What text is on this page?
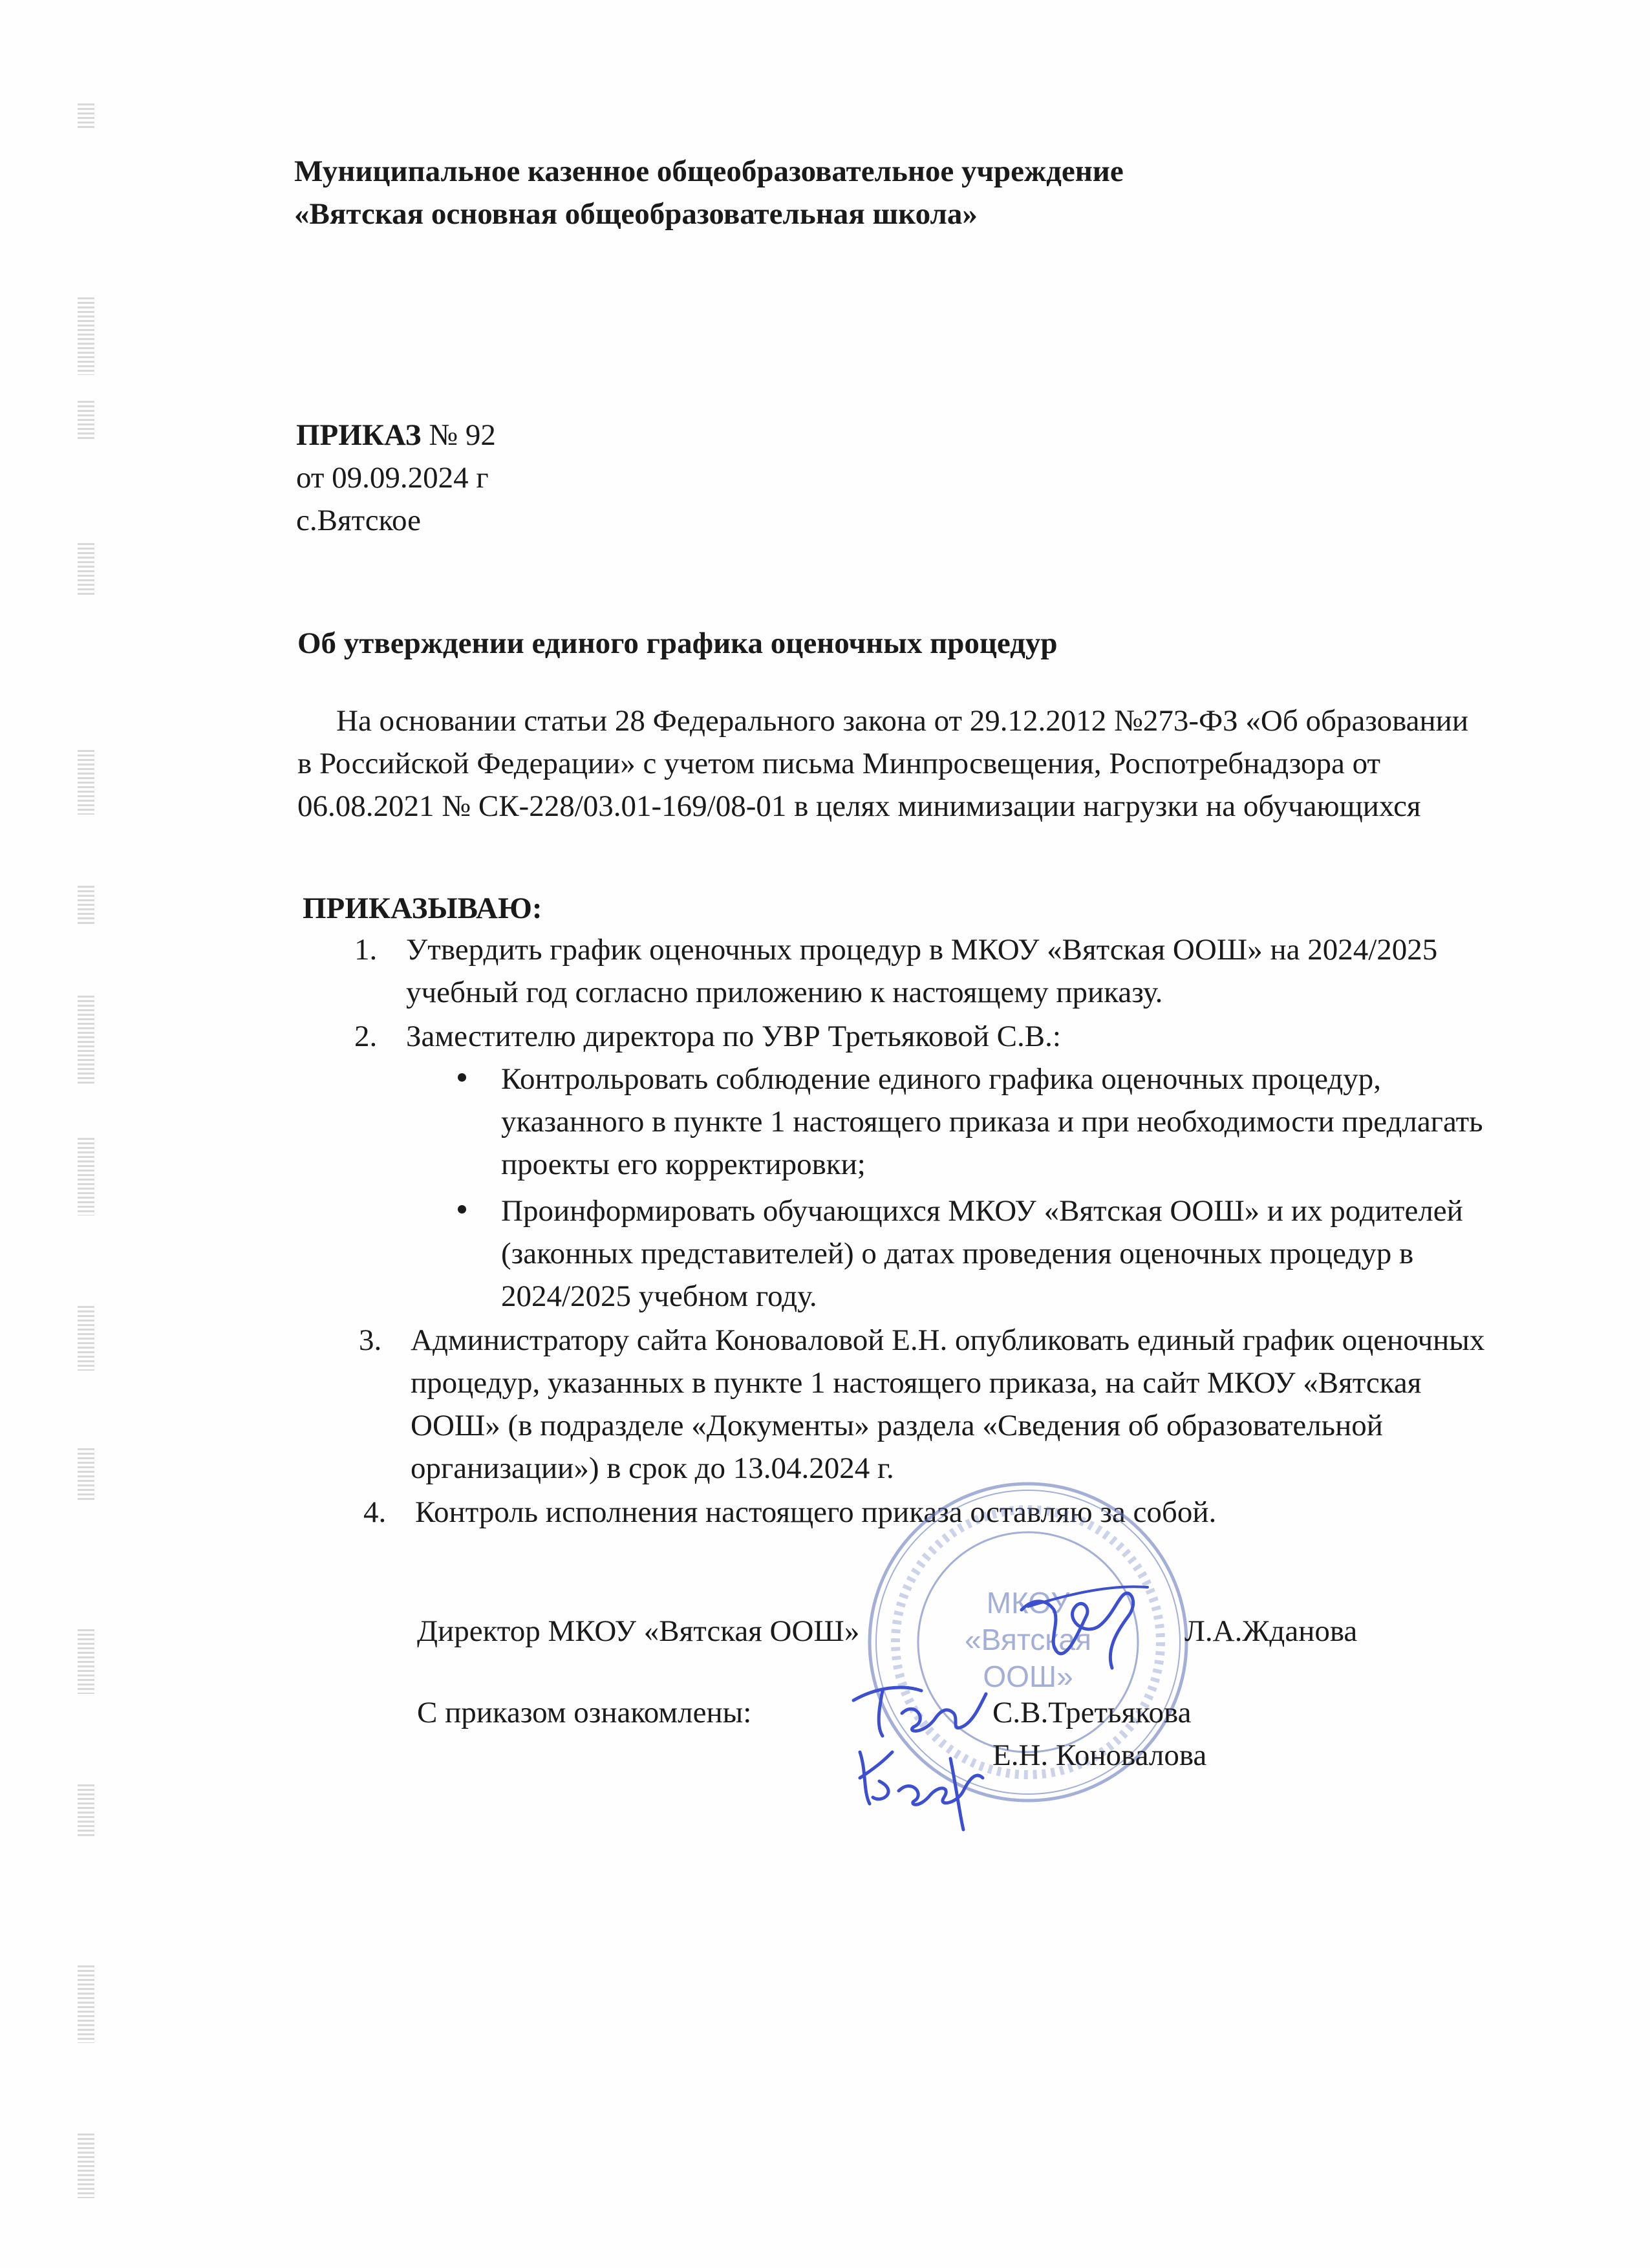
Муниципальное казенное общеобразовательное учреждение
«Вятская основная общеобразовательная школа»
ПРИКАЗ № 92
от 09.09.2024 г
с.Вятское
Об утверждении единого графика оценочных процедур
На основании статьи 28 Федерального закона от 29.12.2012 №273-ФЗ «Об образовании
в Российской Федерации» с учетом письма Минпросвещения, Роспотребнадзора от
06.08.2021 № СК-228/03.01-169/08-01 в целях минимизации нагрузки на обучающихся
ПРИКАЗЫВАЮ:
1. Утвердить график оценочных процедур в МКОУ «Вятская ООШ» на 2024/2025
учебный год согласно приложению к настоящему приказу.
2. Заместителю директора по УВР Третьяковой С.В.:
Контрольровать соблюдение единого графика оценочных процедур,
указанного в пункте 1 настоящего приказа и при необходимости предлагать
проекты его корректировки;
Проинформировать обучающихся МКОУ «Вятская ООШ» и их родителей
(законных представителей) о датах проведения оценочных процедур в
2024/2025 учебном году.
3. Администратору сайта Коноваловой Е.Н. опубликовать единый график оценочных
процедур, указанных в пункте 1 настоящего приказа, на сайт МКОУ «Вятская
ООШ» (в подразделе «Документы» раздела «Сведения об образовательной
организации») в срок до 13.04.2024 г.
4. Контроль исполнения настоящего приказа оставляю за собой.
МКОУ
«Вятская
ООШ»
Директор МКОУ «Вятская ООШ»	Л.А.Жданова
С приказом ознакомлены:	С.В.Третьякова
Е.Н. Коновалова
